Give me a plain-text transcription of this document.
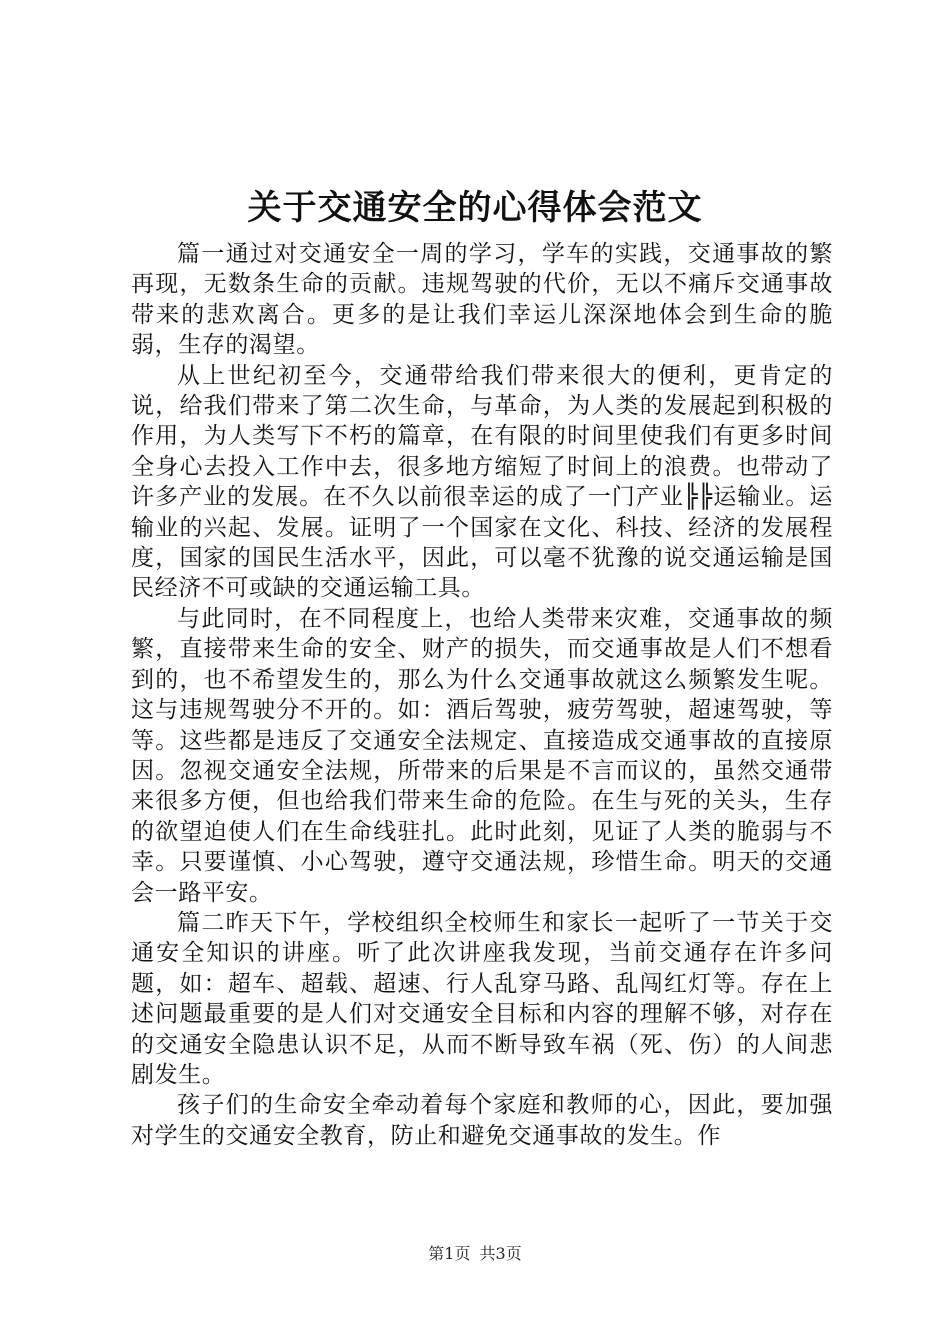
关于交通安全的心得体会范文

篇一通过对交通安全一周的学习，学车的实践，交通事故的繁再现，无数条生命的贡献。违规驾驶的代价，无以不痛斥交通事故带来的悲欢离合。更多的是让我们幸运儿深深地体会到生命的脆弱，生存的渴望。

从上世纪初至今，交通带给我们带来很大的便利，更肯定的说，给我们带来了第二次生命，与革命，为人类的发展起到积极的作用，为人类写下不朽的篇章，在有限的时间里使我们有更多时间全身心去投入工作中去，很多地方缩短了时间上的浪费。也带动了许多产业的发展。在不久以前很幸运的成了一门产业╠╠运输业。运输业的兴起、发展。证明了一个国家在文化、科技、经济的发展程度，国家的国民生活水平，因此，可以毫不犹豫的说交通运输是国民经济不可或缺的交通运输工具。

与此同时，在不同程度上，也给人类带来灾难，交通事故的频繁，直接带来生命的安全、财产的损失，而交通事故是人们不想看到的，也不希望发生的，那么为什么交通事故就这么频繁发生呢。这与违规驾驶分不开的。如：酒后驾驶，疲劳驾驶，超速驾驶，等等。这些都是违反了交通安全法规定、直接造成交通事故的直接原因。忽视交通安全法规，所带来的后果是不言而议的，虽然交通带来很多方便，但也给我们带来生命的危险。在生与死的关头，生存的欲望迫使人们在生命线驻扎。此时此刻，见证了人类的脆弱与不幸。只要谨慎、小心驾驶，遵守交通法规，珍惜生命。明天的交通会一路平安。

篇二昨天下午，学校组织全校师生和家长一起听了一节关于交通安全知识的讲座。听了此次讲座我发现，当前交通存在许多问题，如：超车、超载、超速、行人乱穿马路、乱闯红灯等。存在上述问题最重要的是人们对交通安全目标和内容的理解不够，对存在的交通安全隐患认识不足，从而不断导致车祸（死、伤）的人间悲剧发生。

孩子们的生命安全牵动着每个家庭和教师的心，因此，要加强对学生的交通安全教育，防止和避免交通事故的发生。作

第1页 共3页
